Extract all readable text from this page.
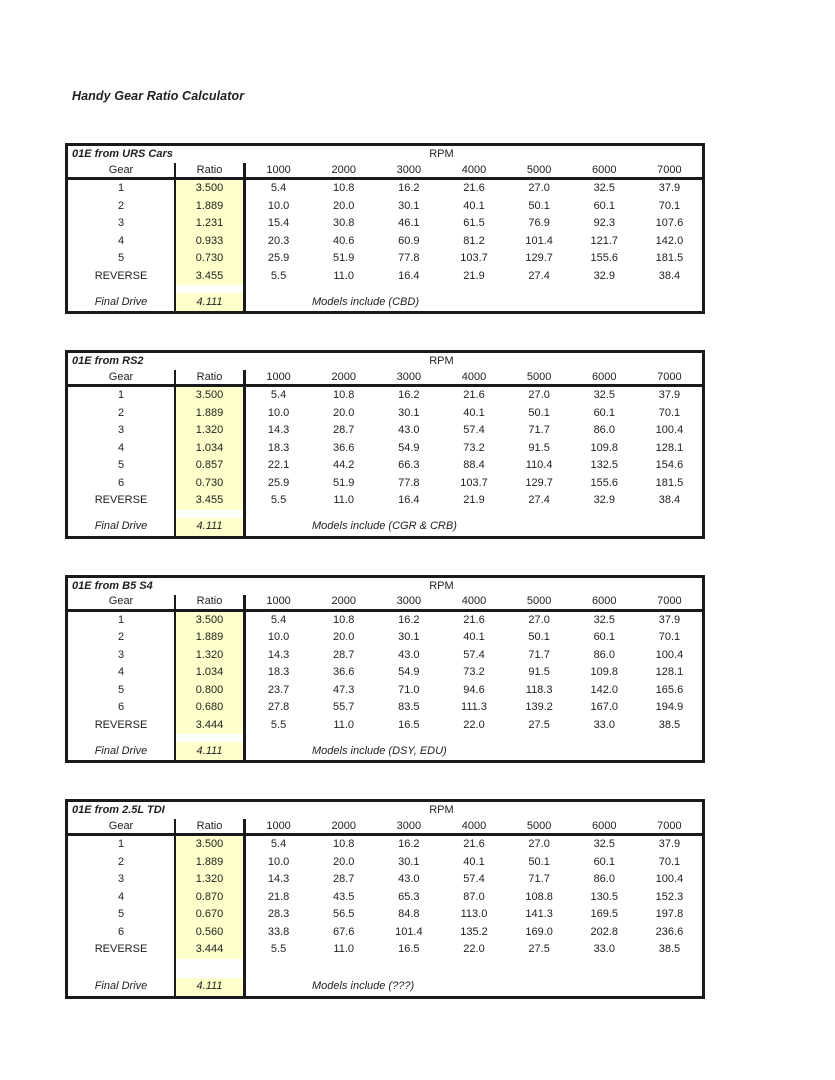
Handy Gear Ratio Calculator
01E from URS Cars	RPM
Gear	Ratio	1000	2000	3000	4000	5000	6000	7000
1	3.500	5.4	10.8	16.2	21.6	27.0	32.5	37.9
2	1.889	10.0	20.0	30.1	40.1	50.1	60.1	70.1
3	1.231	15.4	30.8	46.1	61.5	76.9	92.3	107.6
4	0.933	20.3	40.6	60.9	81.2	101.4	121.7	142.0
5	0.730	25.9	51.9	77.8	103.7	129.7	155.6	181.5
REVERSE	3.455	5.5	11.0	16.4	21.9	27.4	32.9	38.4
Final Drive	4.111	Models include (CBD)
01E from RS2	RPM
Gear	Ratio	1000	2000	3000	4000	5000	6000	7000
1	3.500	5.4	10.8	16.2	21.6	27.0	32.5	37.9
2	1.889	10.0	20.0	30.1	40.1	50.1	60.1	70.1
3	1.320	14.3	28.7	43.0	57.4	71.7	86.0	100.4
4	1.034	18.3	36.6	54.9	73.2	91.5	109.8	128.1
5	0.857	22.1	44.2	66.3	88.4	110.4	132.5	154.6
6	0.730	25.9	51.9	77.8	103.7	129.7	155.6	181.5
REVERSE	3.455	5.5	11.0	16.4	21.9	27.4	32.9	38.4
Final Drive	4.111	Models include (CGR & CRB)
01E from B5 S4	RPM
Gear	Ratio	1000	2000	3000	4000	5000	6000	7000
1	3.500	5.4	10.8	16.2	21.6	27.0	32.5	37.9
2	1.889	10.0	20.0	30.1	40.1	50.1	60.1	70.1
3	1.320	14.3	28.7	43.0	57.4	71.7	86.0	100.4
4	1.034	18.3	36.6	54.9	73.2	91.5	109.8	128.1
5	0.800	23.7	47.3	71.0	94.6	118.3	142.0	165.6
6	0.680	27.8	55.7	83.5	111.3	139.2	167.0	194.9
REVERSE	3.444	5.5	11.0	16.5	22.0	27.5	33.0	38.5
Final Drive	4.111	Models include (DSY, EDU)
01E from 2.5L TDI	RPM
Gear	Ratio	1000	2000	3000	4000	5000	6000	7000
1	3.500	5.4	10.8	16.2	21.6	27.0	32.5	37.9
2	1.889	10.0	20.0	30.1	40.1	50.1	60.1	70.1
3	1.320	14.3	28.7	43.0	57.4	71.7	86.0	100.4
4	0.870	21.8	43.5	65.3	87.0	108.8	130.5	152.3
5	0.670	28.3	56.5	84.8	113.0	141.3	169.5	197.8
6	0.560	33.8	67.6	101.4	135.2	169.0	202.8	236.6
REVERSE	3.444	5.5	11.0	16.5	22.0	27.5	33.0	38.5
Final Drive	4.111	Models include (???)
